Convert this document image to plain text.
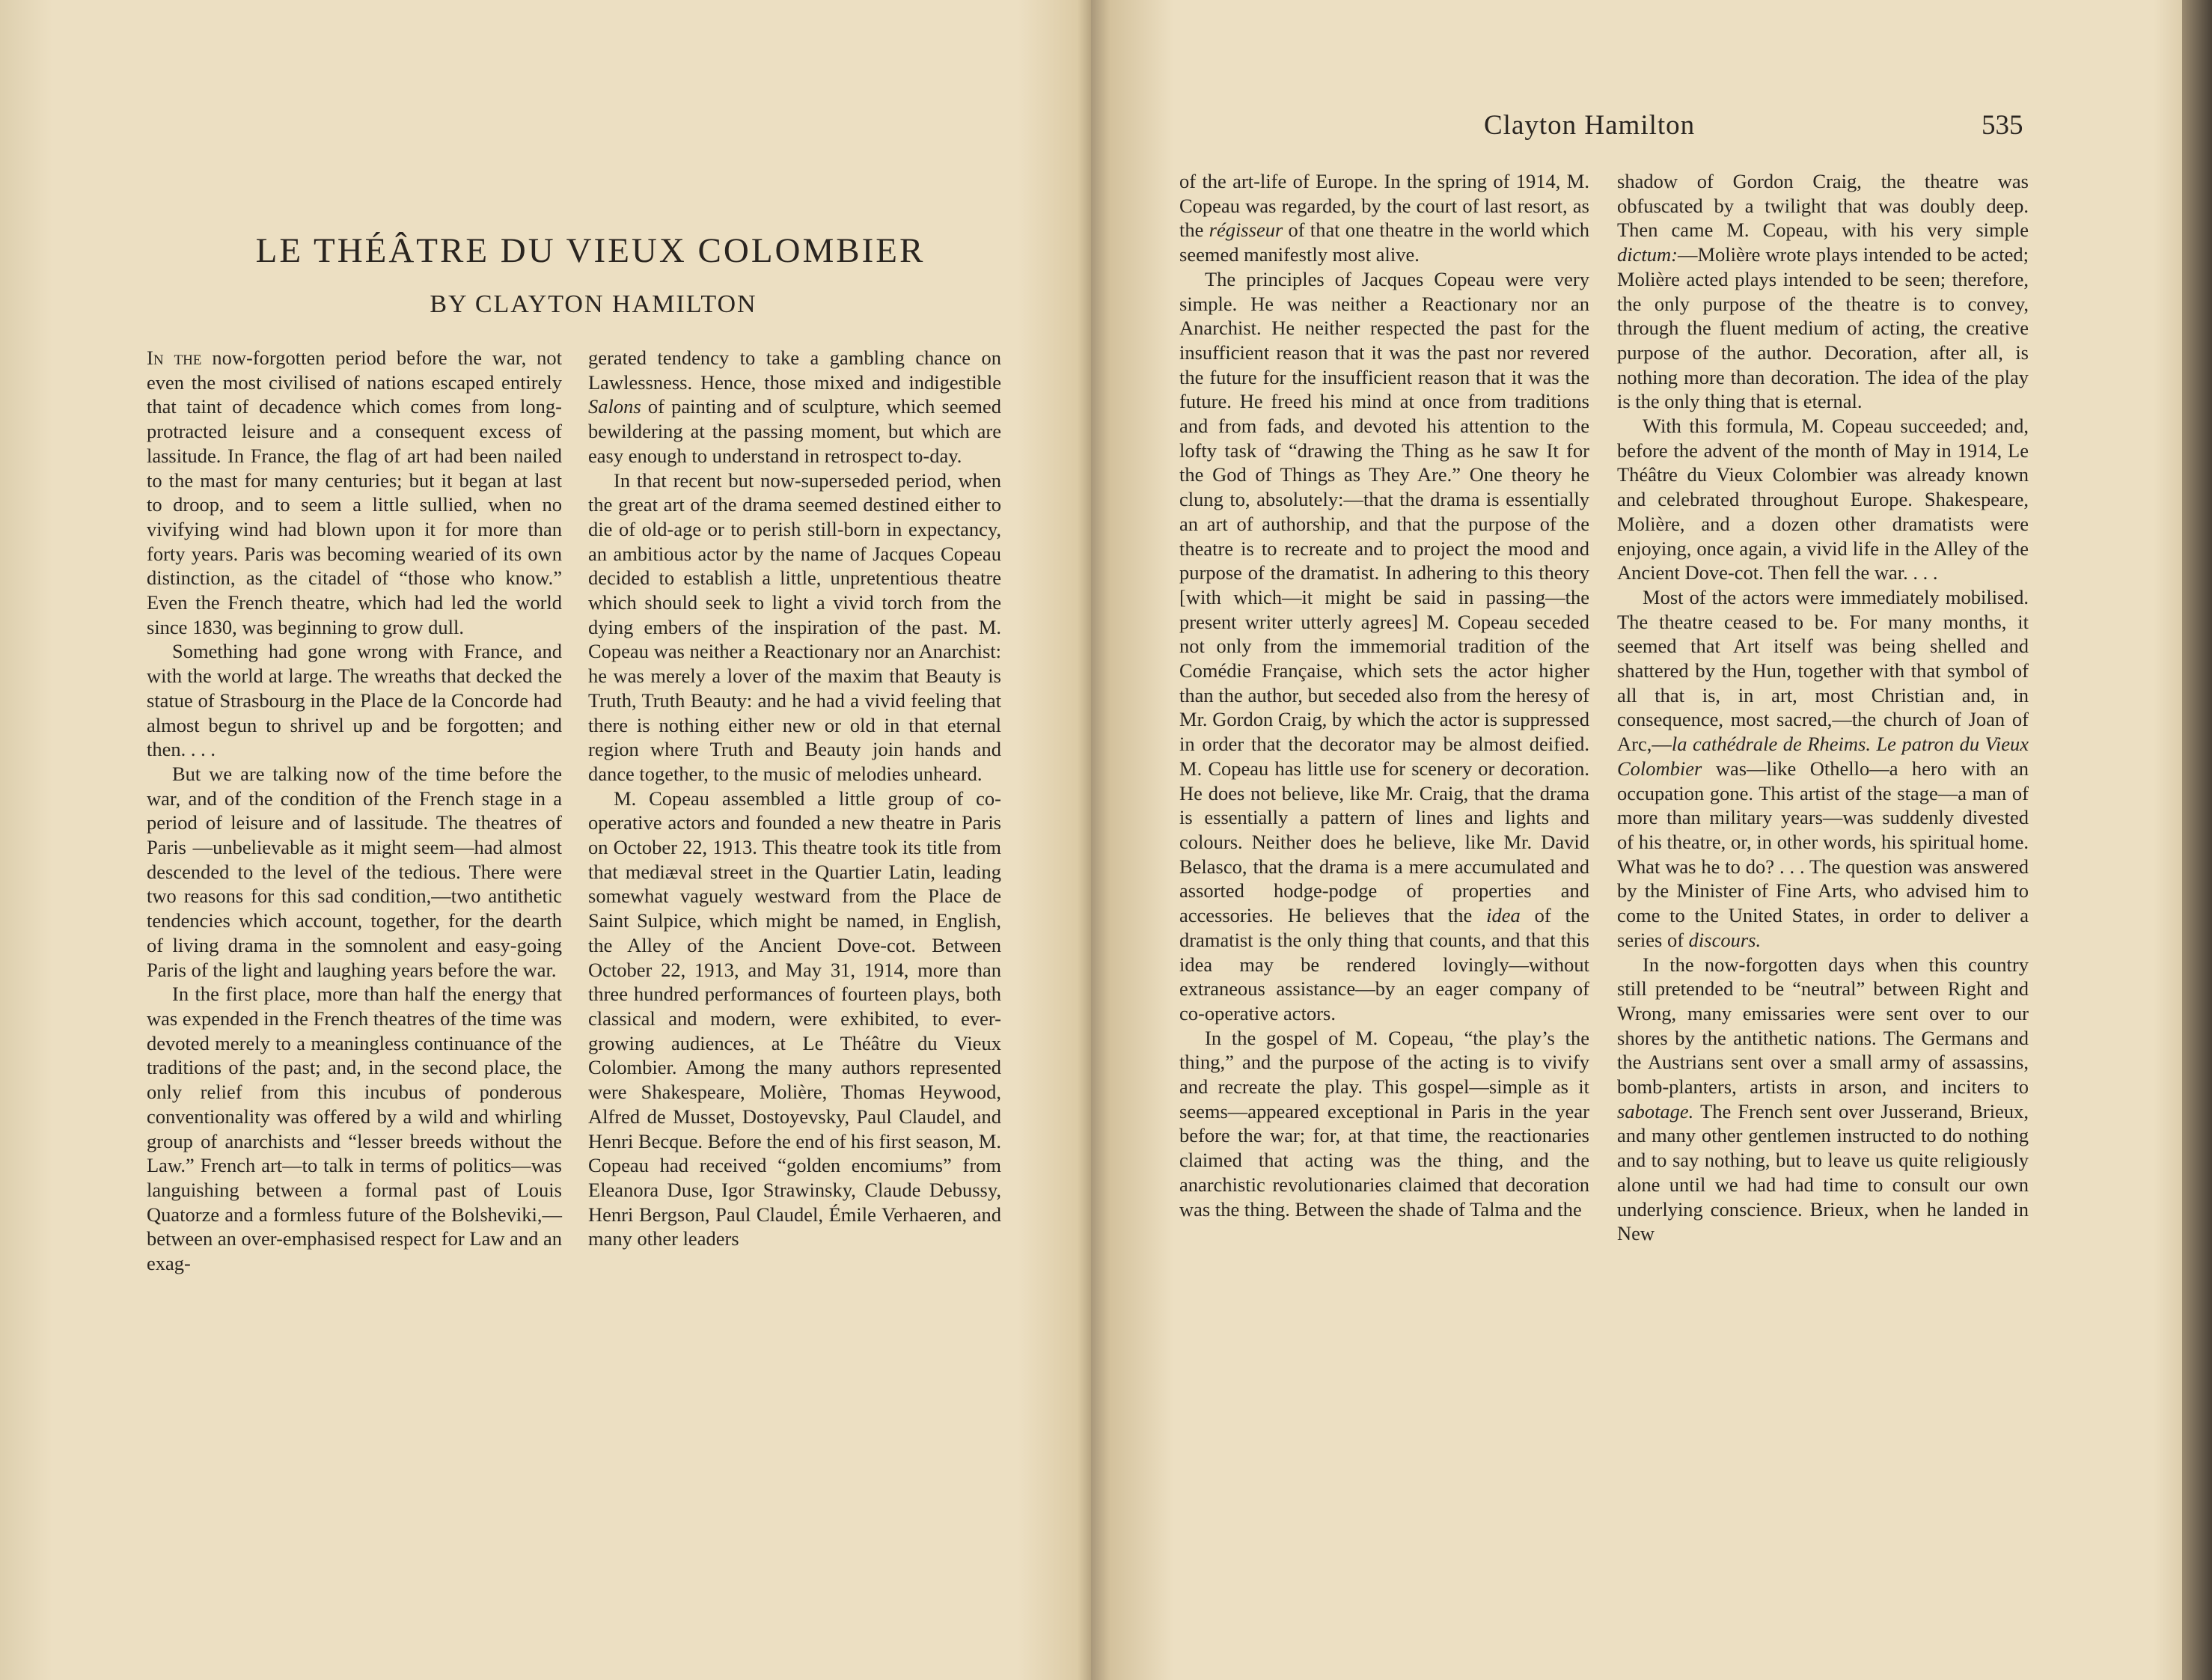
LE THÉÂTRE DU VIEUX COLOMBIER
BY CLAYTON HAMILTON

In the now-forgotten period before the war, not even the most civilised of nations escaped entirely that taint of decadence which comes from long-protracted leisure and a consequent excess of lassitude. In France, the flag of art had been nailed to the mast for many centuries; but it began at last to droop, and to seem a little sullied, when no vivifying wind had blown upon it for more than forty years. Paris was becoming wearied of its own distinction, as the citadel of “those who know.” Even the French theatre, which had led the world since 1830, was beginning to grow dull.

Something had gone wrong with France, and with the world at large. The wreaths that decked the statue of Strasbourg in the Place de la Concorde had almost begun to shrivel up and be forgotten; and then. . . .

But we are talking now of the time before the war, and of the condition of the French stage in a period of leisure and of lassitude. The theatres of Paris —unbelievable as it might seem—had almost descended to the level of the tedious. There were two reasons for this sad condition,—two antithetic tendencies which account, together, for the dearth of living drama in the somnolent and easy-going Paris of the light and laughing years before the war.

In the first place, more than half the energy that was expended in the French theatres of the time was devoted merely to a meaningless continuance of the traditions of the past; and, in the second place, the only relief from this incubus of ponderous conventionality was offered by a wild and whirling group of anarchists and “lesser breeds without the Law.” French art—to talk in terms of politics—was languishing between a formal past of Louis Quatorze and a formless future of the Bolsheviki,—between an over-emphasised respect for Law and an exag-

gerated tendency to take a gambling chance on Lawlessness. Hence, those mixed and indigestible Salons of painting and of sculpture, which seemed bewildering at the passing moment, but which are easy enough to understand in retrospect to-day.

In that recent but now-superseded period, when the great art of the drama seemed destined either to die of old-age or to perish still-born in expectancy, an ambitious actor by the name of Jacques Copeau decided to establish a little, unpretentious theatre which should seek to light a vivid torch from the dying embers of the inspiration of the past. M. Copeau was neither a Reactionary nor an Anarchist: he was merely a lover of the maxim that Beauty is Truth, Truth Beauty: and he had a vivid feeling that there is nothing either new or old in that eternal region where Truth and Beauty join hands and dance together, to the music of melodies unheard.

M. Copeau assembled a little group of co-operative actors and founded a new theatre in Paris on October 22, 1913. This theatre took its title from that mediæval street in the Quartier Latin, leading somewhat vaguely westward from the Place de Saint Sulpice, which might be named, in English, the Alley of the Ancient Dove-cot. Between October 22, 1913, and May 31, 1914, more than three hundred performances of fourteen plays, both classical and modern, were exhibited, to ever-growing audiences, at Le Théâtre du Vieux Colombier. Among the many authors represented were Shakespeare, Molière, Thomas Heywood, Alfred de Musset, Dostoyevsky, Paul Claudel, and Henri Becque. Before the end of his first season, M. Copeau had received “golden encomiums” from Eleanora Duse, Igor Strawinsky, Claude Debussy, Henri Bergson, Paul Claudel, Émile Verhaeren, and many other leaders

Clayton Hamilton	535

of the art-life of Europe. In the spring of 1914, M. Copeau was regarded, by the court of last resort, as the régisseur of that one theatre in the world which seemed manifestly most alive.

The principles of Jacques Copeau were very simple. He was neither a Reactionary nor an Anarchist. He neither respected the past for the insufficient reason that it was the past nor revered the future for the insufficient reason that it was the future. He freed his mind at once from traditions and from fads, and devoted his attention to the lofty task of “drawing the Thing as he saw It for the God of Things as They Are.” One theory he clung to, absolutely:—that the drama is essentially an art of authorship, and that the purpose of the theatre is to recreate and to project the mood and purpose of the dramatist. In adhering to this theory [with which—it might be said in passing—the present writer utterly agrees] M. Copeau seceded not only from the immemorial tradition of the Comédie Française, which sets the actor higher than the author, but seceded also from the heresy of Mr. Gordon Craig, by which the actor is suppressed in order that the decorator may be almost deified. M. Copeau has little use for scenery or decoration. He does not believe, like Mr. Craig, that the drama is essentially a pattern of lines and lights and colours. Neither does he believe, like Mr. David Belasco, that the drama is a mere accumulated and assorted hodge-podge of properties and accessories. He believes that the idea of the dramatist is the only thing that counts, and that this idea may be rendered lovingly—without extraneous assistance—by an eager company of co-operative actors.

In the gospel of M. Copeau, “the play’s the thing,” and the purpose of the acting is to vivify and recreate the play. This gospel—simple as it seems—appeared exceptional in Paris in the year before the war; for, at that time, the reactionaries claimed that acting was the thing, and the anarchistic revolutionaries claimed that decoration was the thing. Between the shade of Talma and the

shadow of Gordon Craig, the theatre was obfuscated by a twilight that was doubly deep. Then came M. Copeau, with his very simple dictum:—Molière wrote plays intended to be acted; Molière acted plays intended to be seen; therefore, the only purpose of the theatre is to convey, through the fluent medium of acting, the creative purpose of the author. Decoration, after all, is nothing more than decoration. The idea of the play is the only thing that is eternal.

With this formula, M. Copeau succeeded; and, before the advent of the month of May in 1914, Le Théâtre du Vieux Colombier was already known and celebrated throughout Europe. Shakespeare, Molière, and a dozen other dramatists were enjoying, once again, a vivid life in the Alley of the Ancient Dove-cot. Then fell the war. . . .

Most of the actors were immediately mobilised. The theatre ceased to be. For many months, it seemed that Art itself was being shelled and shattered by the Hun, together with that symbol of all that is, in art, most Christian and, in consequence, most sacred,—the church of Joan of Arc,—la cathédrale de Rheims. Le patron du Vieux Colombier was—like Othello—a hero with an occupation gone. This artist of the stage—a man of more than military years—was suddenly divested of his theatre, or, in other words, his spiritual home. What was he to do? . . . The question was answered by the Minister of Fine Arts, who advised him to come to the United States, in order to deliver a series of discours.

In the now-forgotten days when this country still pretended to be “neutral” between Right and Wrong, many emissaries were sent over to our shores by the antithetic nations. The Germans and the Austrians sent over a small army of assassins, bomb-planters, artists in arson, and inciters to sabotage. The French sent over Jusserand, Brieux, and many other gentlemen instructed to do nothing and to say nothing, but to leave us quite religiously alone until we had had time to consult our own underlying conscience. Brieux, when he landed in New
